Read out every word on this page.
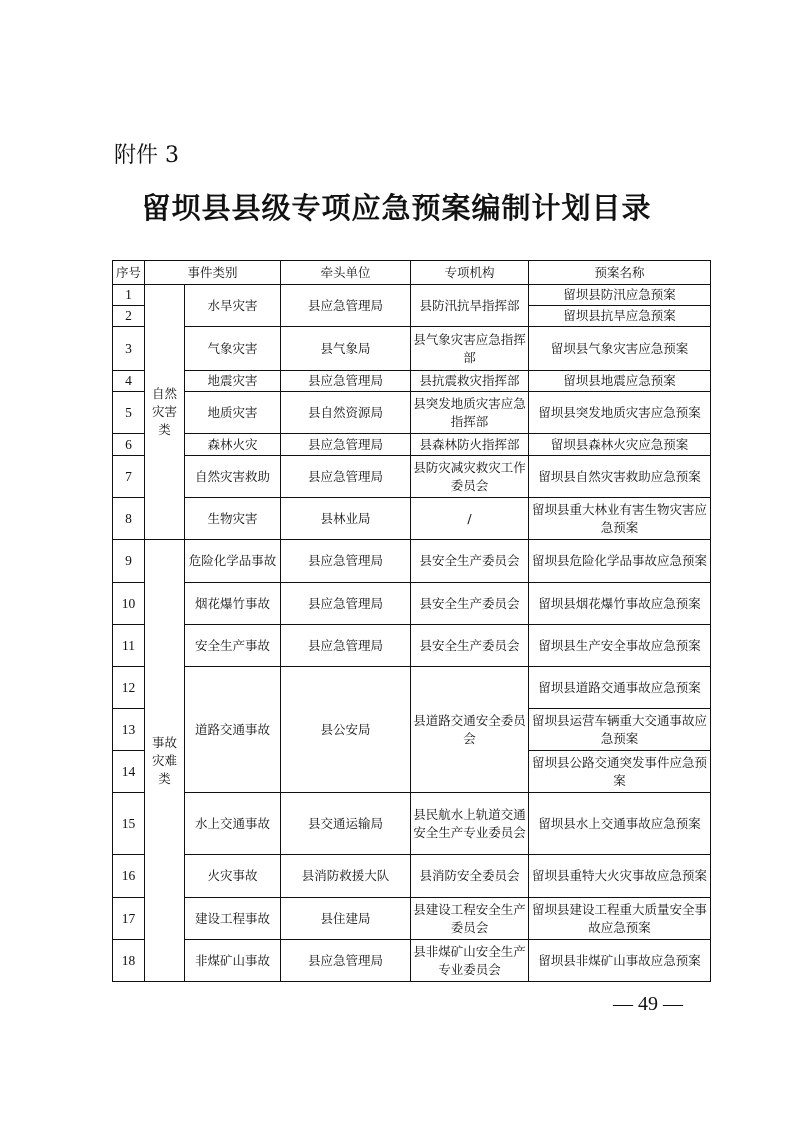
附件 3
留坝县县级专项应急预案编制计划目录
序号	事件类别		牵头单位	专项机构	预案名称
1	自然灾害类	水旱灾害	县应急管理局	县防汛抗旱指挥部	留坝县防汛应急预案
2					留坝县抗旱应急预案
3		气象灾害	县气象局	县气象灾害应急指挥部	留坝县气象灾害应急预案
4		地震灾害	县应急管理局	县抗震救灾指挥部	留坝县地震应急预案
5		地质灾害	县自然资源局	县突发地质灾害应急指挥部	留坝县突发地质灾害应急预案
6		森林火灾	县应急管理局	县森林防火指挥部	留坝县森林火灾应急预案
7		自然灾害救助	县应急管理局	县防灾减灾救灾工作委员会	留坝县自然灾害救助应急预案
8		生物灾害	县林业局	/	留坝县重大林业有害生物灾害应急预案
9	事故灾难类	危险化学品事故	县应急管理局	县安全生产委员会	留坝县危险化学品事故应急预案
10		烟花爆竹事故	县应急管理局	县安全生产委员会	留坝县烟花爆竹事故应急预案
11		安全生产事故	县应急管理局	县安全生产委员会	留坝县生产安全事故应急预案
12		道路交通事故	县公安局	县道路交通安全委员会	留坝县道路交通事故应急预案
13					留坝县运营车辆重大交通事故应急预案
14					留坝县公路交通突发事件应急预案
15		水上交通事故	县交通运输局	县民航水上轨道交通安全生产专业委员会	留坝县水上交通事故应急预案
16		火灾事故	县消防救援大队	县消防安全委员会	留坝县重特大火灾事故应急预案
17		建设工程事故	县住建局	县建设工程安全生产委员会	留坝县建设工程重大质量安全事故应急预案
18		非煤矿山事故	县应急管理局	县非煤矿山安全生产专业委员会	留坝县非煤矿山事故应急预案
— 49 —
